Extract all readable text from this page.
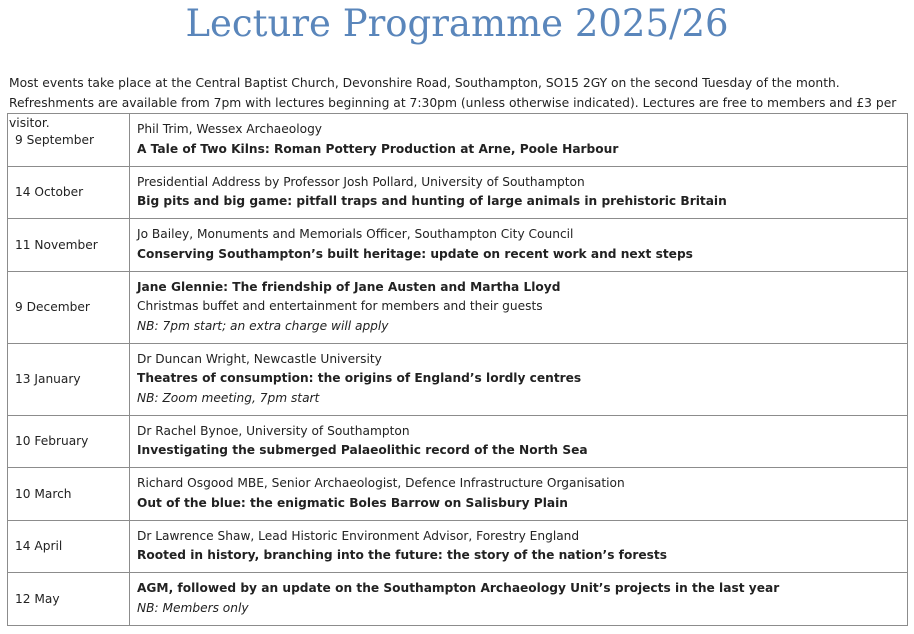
Lecture Programme 2025/26

Most events take place at the Central Baptist Church, Devonshire Road, Southampton, SO15 2GY on the second Tuesday of the month. Refreshments are available from 7pm with lectures beginning at 7:30pm (unless otherwise indicated). Lectures are free to members and £3 per visitor.

9 September	Phil Trim, Wessex Archaeology
A Tale of Two Kilns: Roman Pottery Production at Arne, Poole Harbour

14 October	Presidential Address by Professor Josh Pollard, University of Southampton
Big pits and big game: pitfall traps and hunting of large animals in prehistoric Britain

11 November	Jo Bailey, Monuments and Memorials Officer, Southampton City Council
Conserving Southampton’s built heritage: update on recent work and next steps

9 December	Jane Glennie: The friendship of Jane Austen and Martha Lloyd
Christmas buffet and entertainment for members and their guests
NB: 7pm start; an extra charge will apply

13 January	Dr Duncan Wright, Newcastle University
Theatres of consumption: the origins of England’s lordly centres
NB: Zoom meeting, 7pm start

10 February	Dr Rachel Bynoe, University of Southampton
Investigating the submerged Palaeolithic record of the North Sea

10 March	Richard Osgood MBE, Senior Archaeologist, Defence Infrastructure Organisation
Out of the blue: the enigmatic Boles Barrow on Salisbury Plain

14 April	Dr Lawrence Shaw, Lead Historic Environment Advisor, Forestry England
Rooted in history, branching into the future: the story of the nation’s forests

12 May	AGM, followed by an update on the Southampton Archaeology Unit’s projects in the last year
NB: Members only
